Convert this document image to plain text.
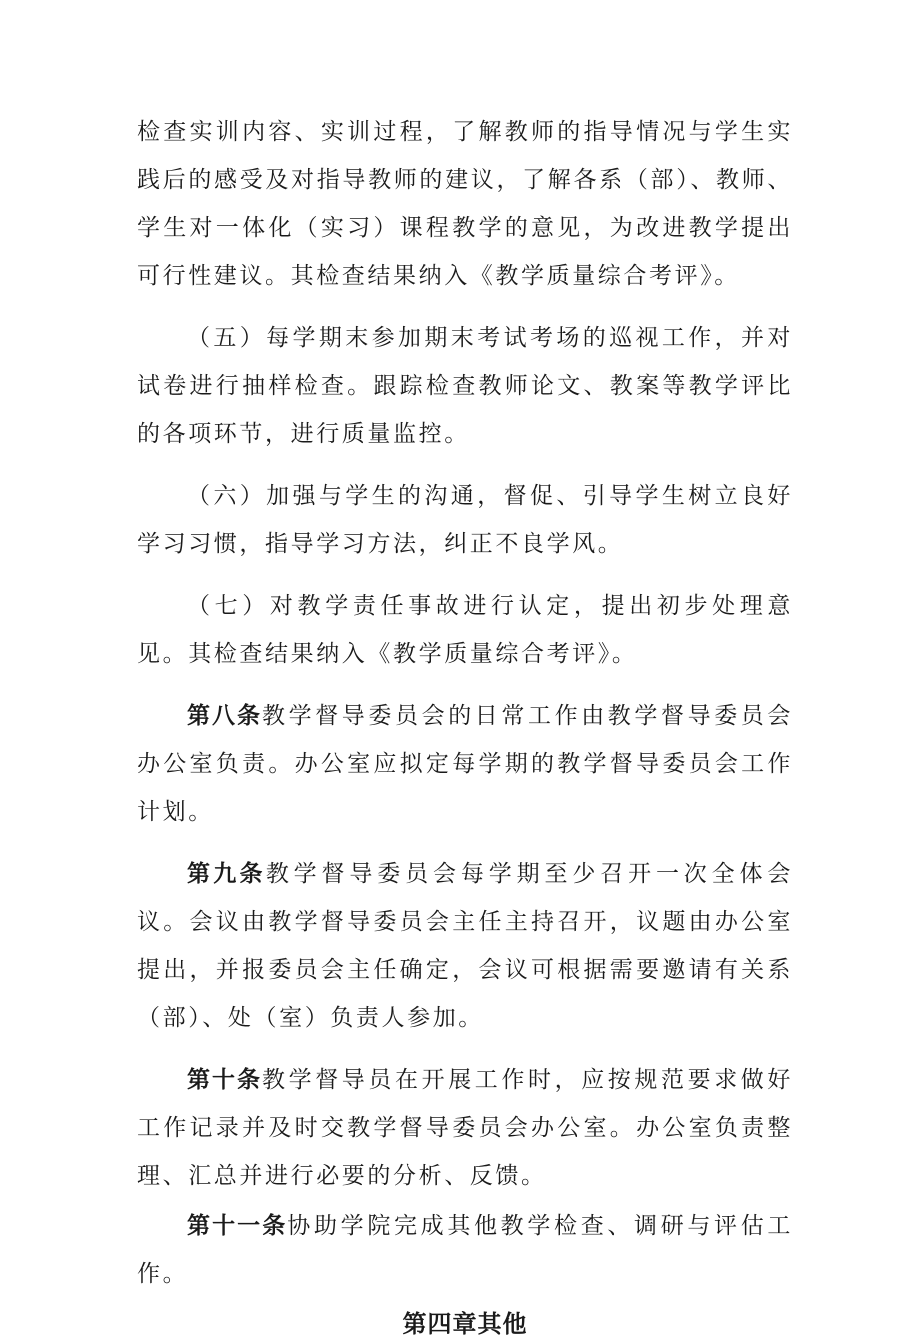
检查实训内容、实训过程，了解教师的指导情况与学生实践后的感受及对指导教师的建议，了解各系（部）、教师、学生对一体化（实习）课程教学的意见，为改进教学提出可行性建议。其检查结果纳入《教学质量综合考评》。

（五）每学期末参加期末考试考场的巡视工作，并对试卷进行抽样检查。跟踪检查教师论文、教案等教学评比的各项环节，进行质量监控。

（六）加强与学生的沟通，督促、引导学生树立良好学习习惯，指导学习方法，纠正不良学风。

（七）对教学责任事故进行认定，提出初步处理意见。其检查结果纳入《教学质量综合考评》。

第八条教学督导委员会的日常工作由教学督导委员会办公室负责。办公室应拟定每学期的教学督导委员会工作计划。

第九条教学督导委员会每学期至少召开一次全体会议。会议由教学督导委员会主任主持召开，议题由办公室提出，并报委员会主任确定，会议可根据需要邀请有关系（部）、处（室）负责人参加。

第十条教学督导员在开展工作时，应按规范要求做好工作记录并及时交教学督导委员会办公室。办公室负责整理、汇总并进行必要的分析、反馈。

第十一条协助学院完成其他教学检查、调研与评估工作。

第四章其他
